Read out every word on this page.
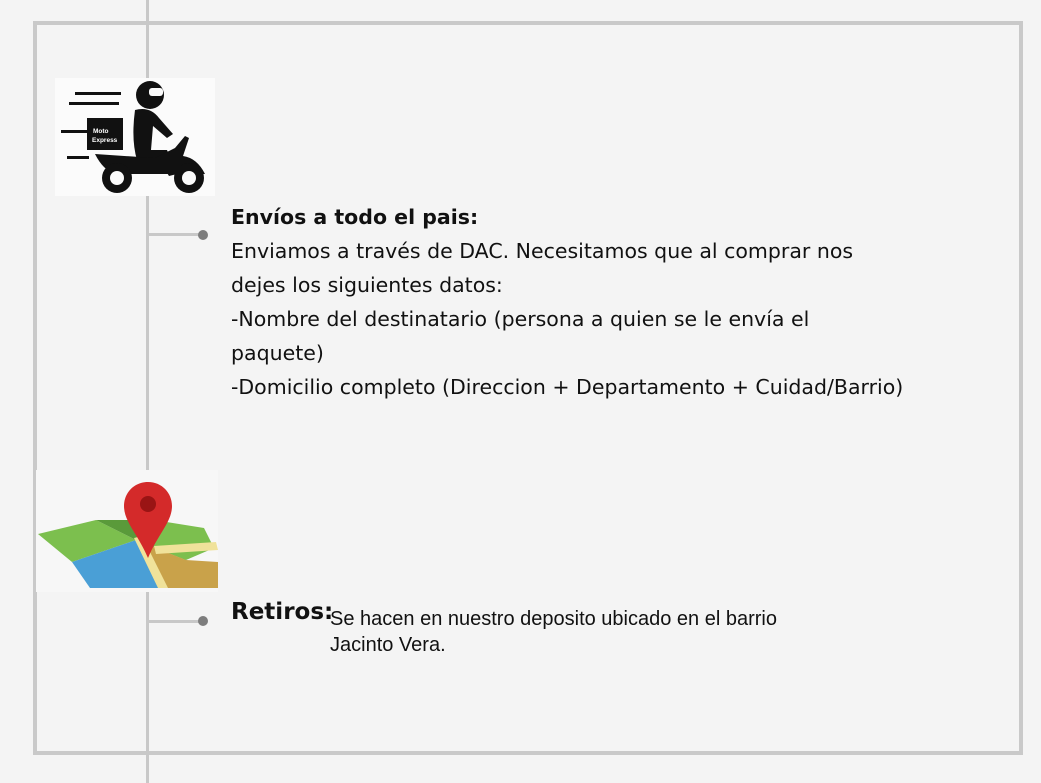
Moto
Express

Envíos a todo el pais:

Enviamos a través de DAC. Necesitamos que al comprar nos

dejes los siguientes datos:

-Nombre del destinatario (persona a quien se le envía el

paquete)

-Domicilio completo (Direccion + Departamento + Cuidad/Barrio)

Retiros:
Se hacen en nuestro deposito ubicado en el barrio
Jacinto Vera.
